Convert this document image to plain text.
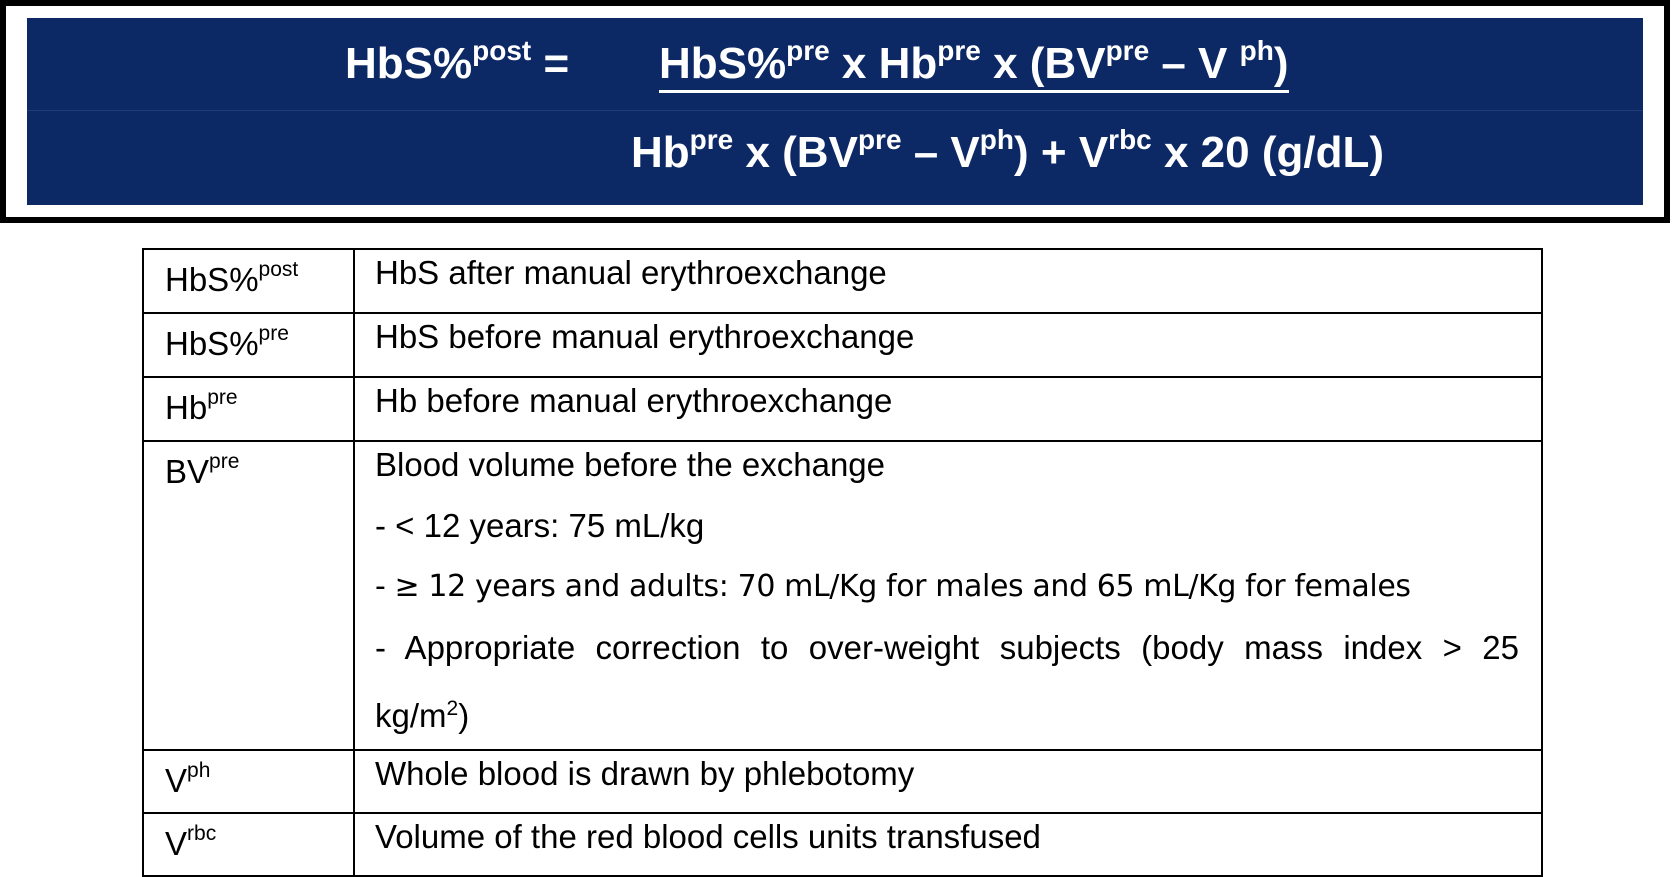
HbS%$^{post}$ = HbS%$^{pre}$ x $Hb^{pre}$ x ($BV^{pre}$ – V $^{ph}$)
$Hb^{pre}$ x $(BV^{pre} - V^{ph}) + V^{rbc}$ x 20 (g/dL)
HbS%$^{post}$	HbS after manual erythroexchange
HbS%$^{pre}$	HbS before manual erythroexchange
$Hb^{pre}$	Hb before manual erythroexchange
$BV^{pre}$	Blood volume before the exchange
- < 12 years: 75 mL/kg
- ≥ 12 years and adults: 70 mL/Kg for males and 65 mL/Kg for females
- Appropriate correction to over-weight subjects (body mass index > 25
$kg/m^2$)

$V^{ph}$	Whole blood is drawn by phlebotomy
$V^{rbc}$	Volume of the red blood cells units transfused
